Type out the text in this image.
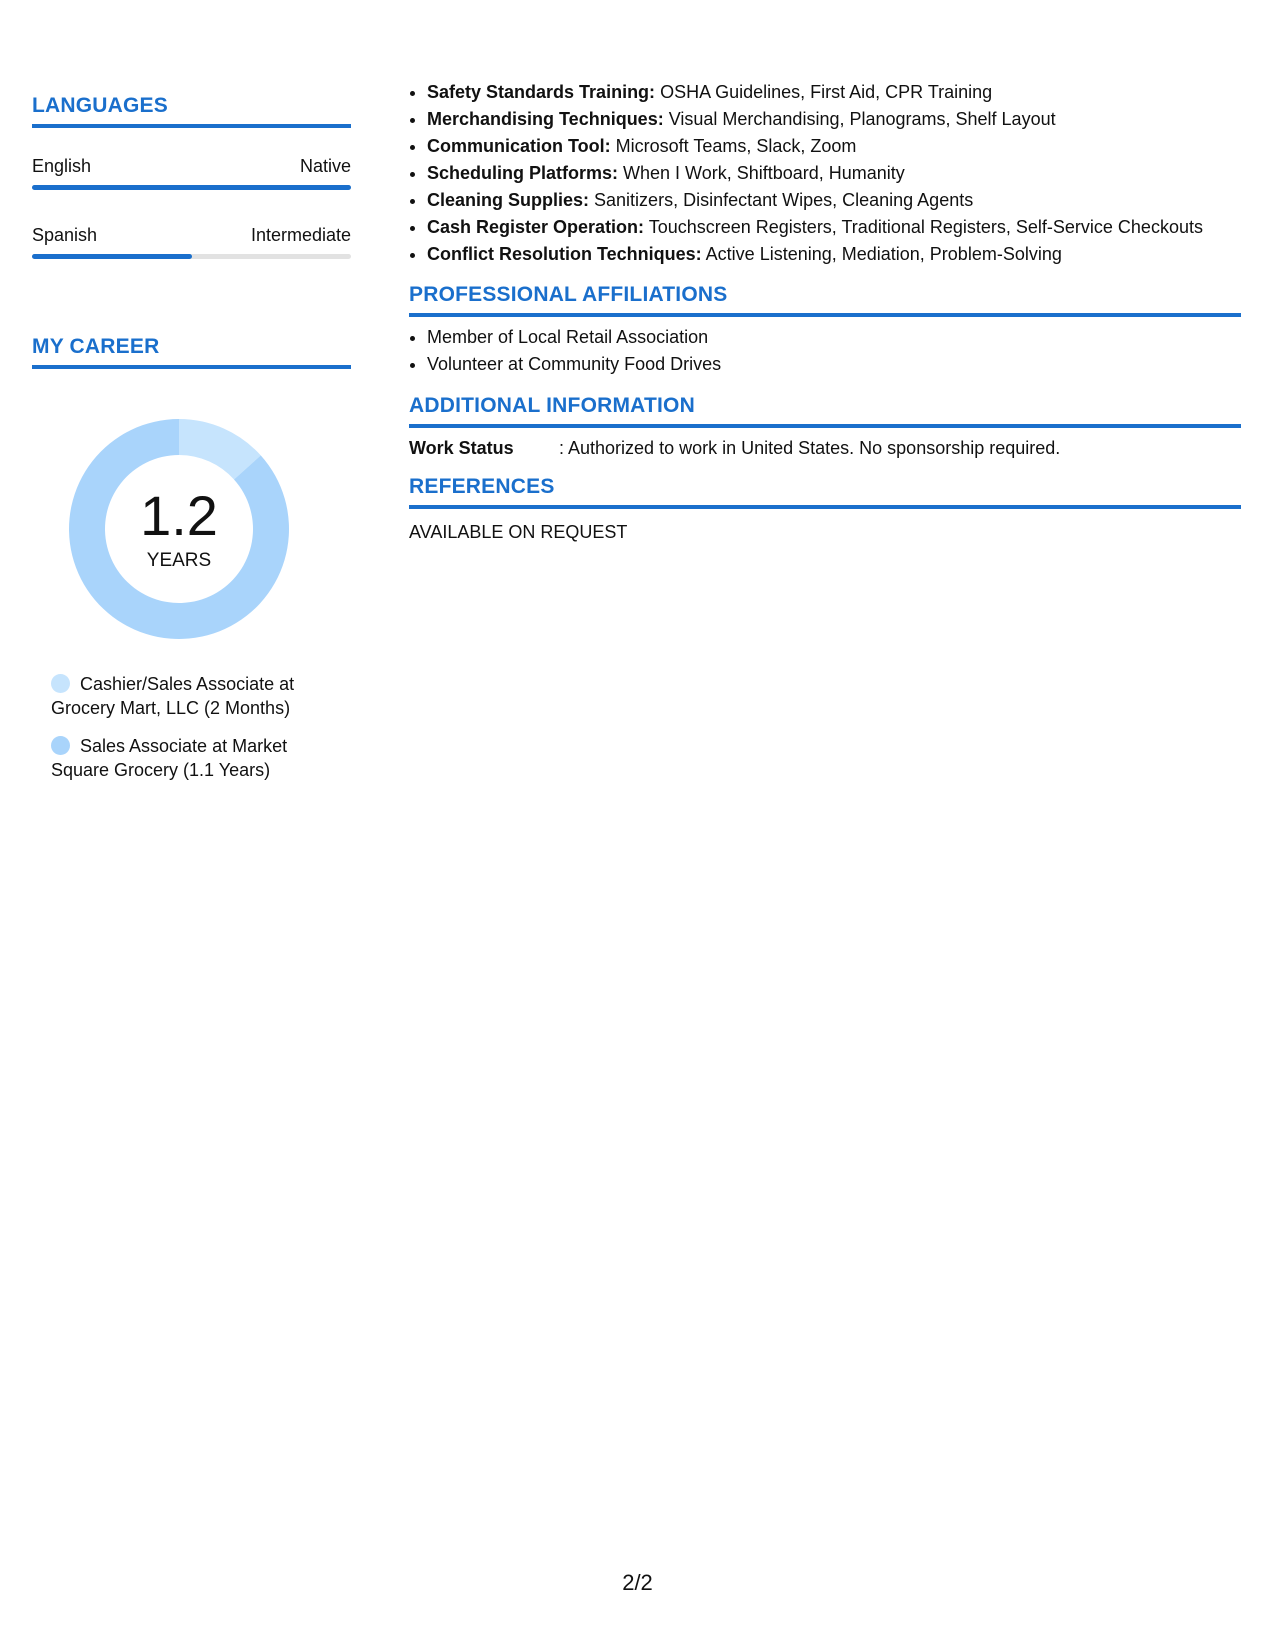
LANGUAGES
English	Native
Spanish	Intermediate
MY CAREER
1.2
YEARS
Cashier/Sales Associate at Grocery Mart, LLC (2 Months)
Sales Associate at Market Square Grocery (1.1 Years)
• Safety Standards Training: OSHA Guidelines, First Aid, CPR Training
• Merchandising Techniques: Visual Merchandising, Planograms, Shelf Layout
• Communication Tool: Microsoft Teams, Slack, Zoom
• Scheduling Platforms: When I Work, Shiftboard, Humanity
• Cleaning Supplies: Sanitizers, Disinfectant Wipes, Cleaning Agents
• Cash Register Operation: Touchscreen Registers, Traditional Registers, Self-Service Checkouts
• Conflict Resolution Techniques: Active Listening, Mediation, Problem-Solving
PROFESSIONAL AFFILIATIONS
• Member of Local Retail Association
• Volunteer at Community Food Drives
ADDITIONAL INFORMATION
Work Status	: Authorized to work in United States. No sponsorship required.
REFERENCES
AVAILABLE ON REQUEST
2/2
